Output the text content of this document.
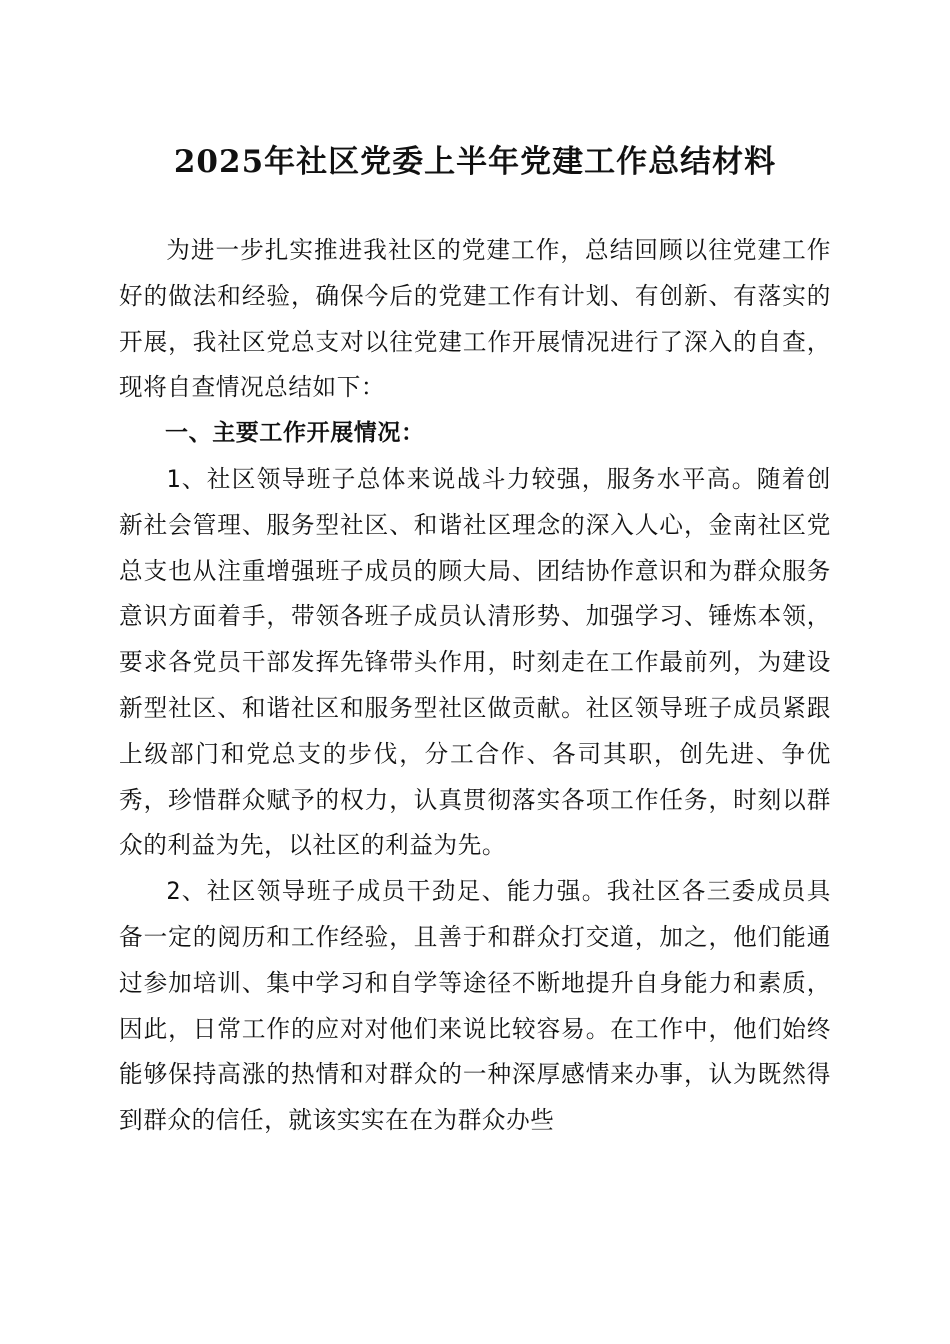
2025年社区党委上半年党建工作总结材料

为进一步扎实推进我社区的党建工作，总结回顾以往党建工作好的做法和经验，确保今后的党建工作有计划、有创新、有落实的开展，我社区党总支对以往党建工作开展情况进行了深入的自查，现将自查情况总结如下：

一、主要工作开展情况：

1、社区领导班子总体来说战斗力较强，服务水平高。随着创新社会管理、服务型社区、和谐社区理念的深入人心，金南社区党总支也从注重增强班子成员的顾大局、团结协作意识和为群众服务意识方面着手，带领各班子成员认清形势、加强学习、锤炼本领，要求各党员干部发挥先锋带头作用，时刻走在工作最前列，为建设新型社区、和谐社区和服务型社区做贡献。社区领导班子成员紧跟上级部门和党总支的步伐，分工合作、各司其职，创先进、争优秀，珍惜群众赋予的权力，认真贯彻落实各项工作任务，时刻以群众的利益为先，以社区的利益为先。

2、社区领导班子成员干劲足、能力强。我社区各三委成员具备一定的阅历和工作经验，且善于和群众打交道，加之，他们能通过参加培训、集中学习和自学等途径不断地提升自身能力和素质，因此，日常工作的应对对他们来说比较容易。在工作中，他们始终能够保持高涨的热情和对群众的一种深厚感情来办事，认为既然得到群众的信任，就该实实在在为群众办些
